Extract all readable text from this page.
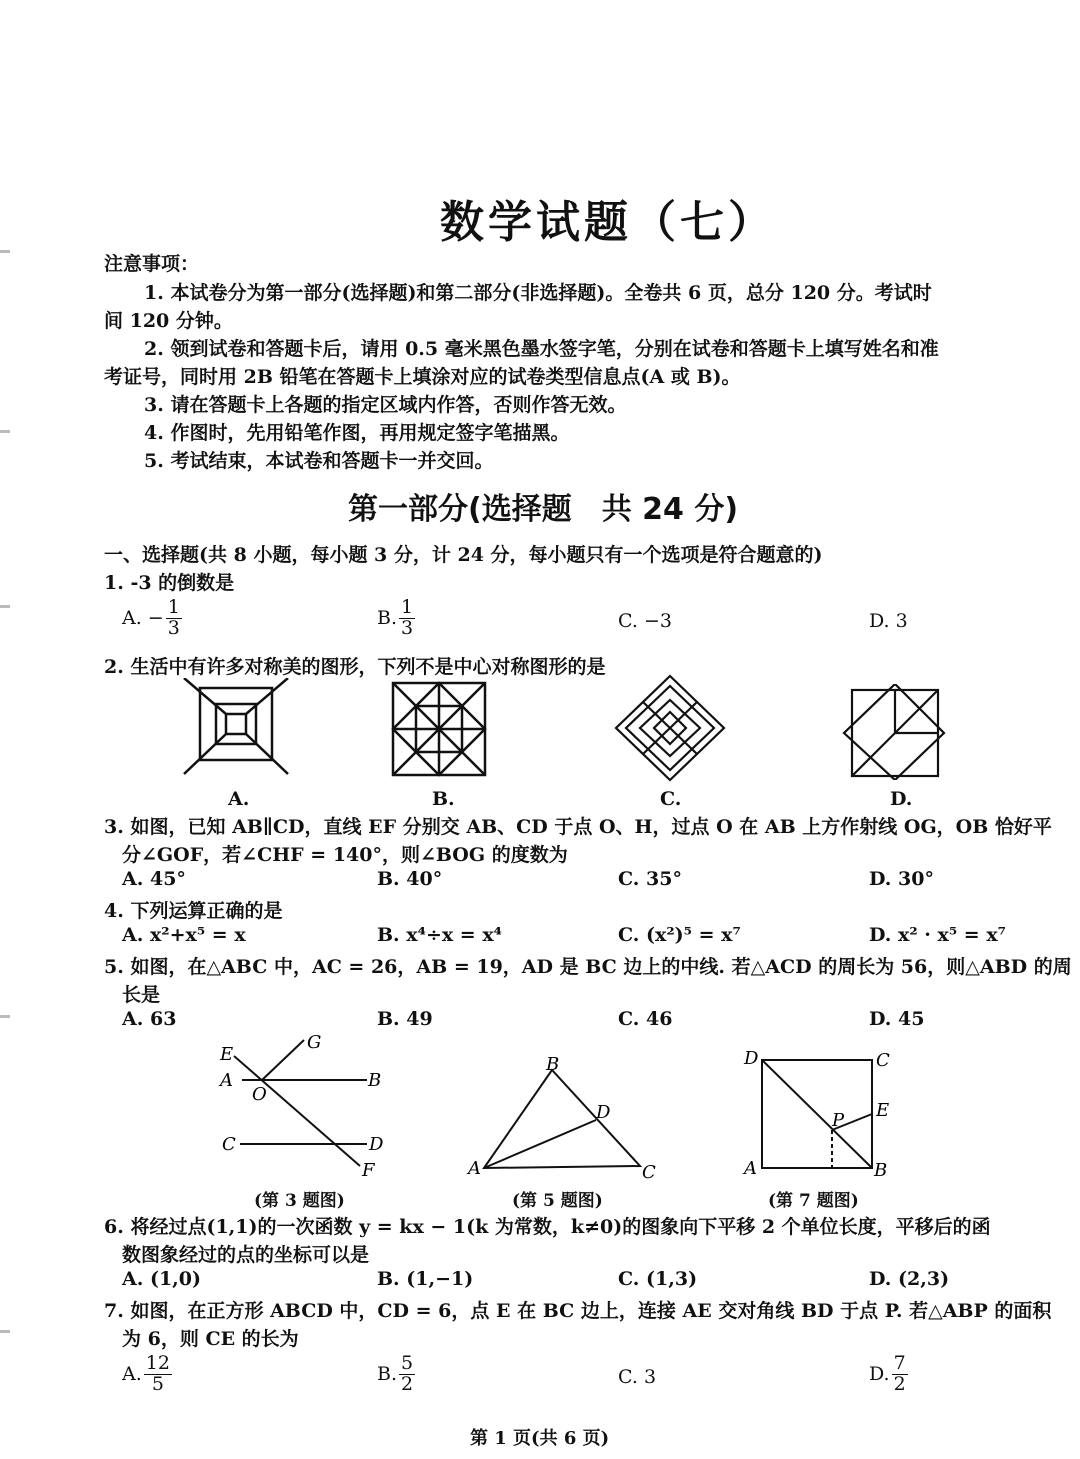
数学试题（七）
注意事项：
1. 本试卷分为第一部分(选择题)和第二部分(非选择题)。全卷共 6 页，总分 120 分。考试时
间 120 分钟。
2. 领到试卷和答题卡后，请用 0.5 毫米黑色墨水签字笔，分别在试卷和答题卡上填写姓名和准
考证号，同时用 2B 铅笔在答题卡上填涂对应的试卷类型信息点(A 或 B)。
3. 请在答题卡上各题的指定区域内作答，否则作答无效。
4. 作图时，先用铅笔作图，再用规定签字笔描黑。
5. 考试结束，本试卷和答题卡一并交回。
第一部分(选择题　共 24 分)
一、选择题(共 8 小题，每小题 3 分，计 24 分，每小题只有一个选项是符合题意的)
1. -3 的倒数是
A. − $\frac{1}{3}$	B. $\frac{1}{3}$	C. −3	D. 3
2. 生活中有许多对称美的图形，下列不是中心对称图形的是
A.	B.	C.	D.
3. 如图，已知 AB∥CD，直线 EF 分别交 AB、CD 于点 O、H，过点 O 在 AB 上方作射线 OG，OB 恰好平
分∠GOF，若∠CHF = 140°，则∠BOG 的度数为
A. 45°	B. 40°	C. 35°	D. 30°
4. 下列运算正确的是
A. x²+x⁵ = x	B. x⁴÷x = x⁴	C. (x²)⁵ = x⁷	D. x² · x⁵ = x⁷
5. 如图，在△ABC 中，AC = 26，AB = 19，AD 是 BC 边上的中线. 若△ACD 的周长为 56，则△ABD 的周
长是
A. 63	B. 49	C. 46	D. 45
E
G
A
O
B
C	D
F
B
D
A	C
D	C
P E
A	B
(第 3 题图)	(第 5 题图)	(第 7 题图)
6. 将经过点(1,1)的一次函数 y = kx − 1(k 为常数，k≠0)的图象向下平移 2 个单位长度，平移后的函
数图象经过的点的坐标可以是
A. (1,0)	B. (1,−1)	C. (1,3)	D. (2,3)
7. 如图，在正方形 ABCD 中，CD = 6，点 E 在 BC 边上，连接 AE 交对角线 BD 于点 P. 若△ABP 的面积
为 6，则 CE 的长为
A. $\frac{12}{5}$	B. $\frac{5}{2}$	C. 3	D. $\frac{7}{2}$
第 1 页(共 6 页)
